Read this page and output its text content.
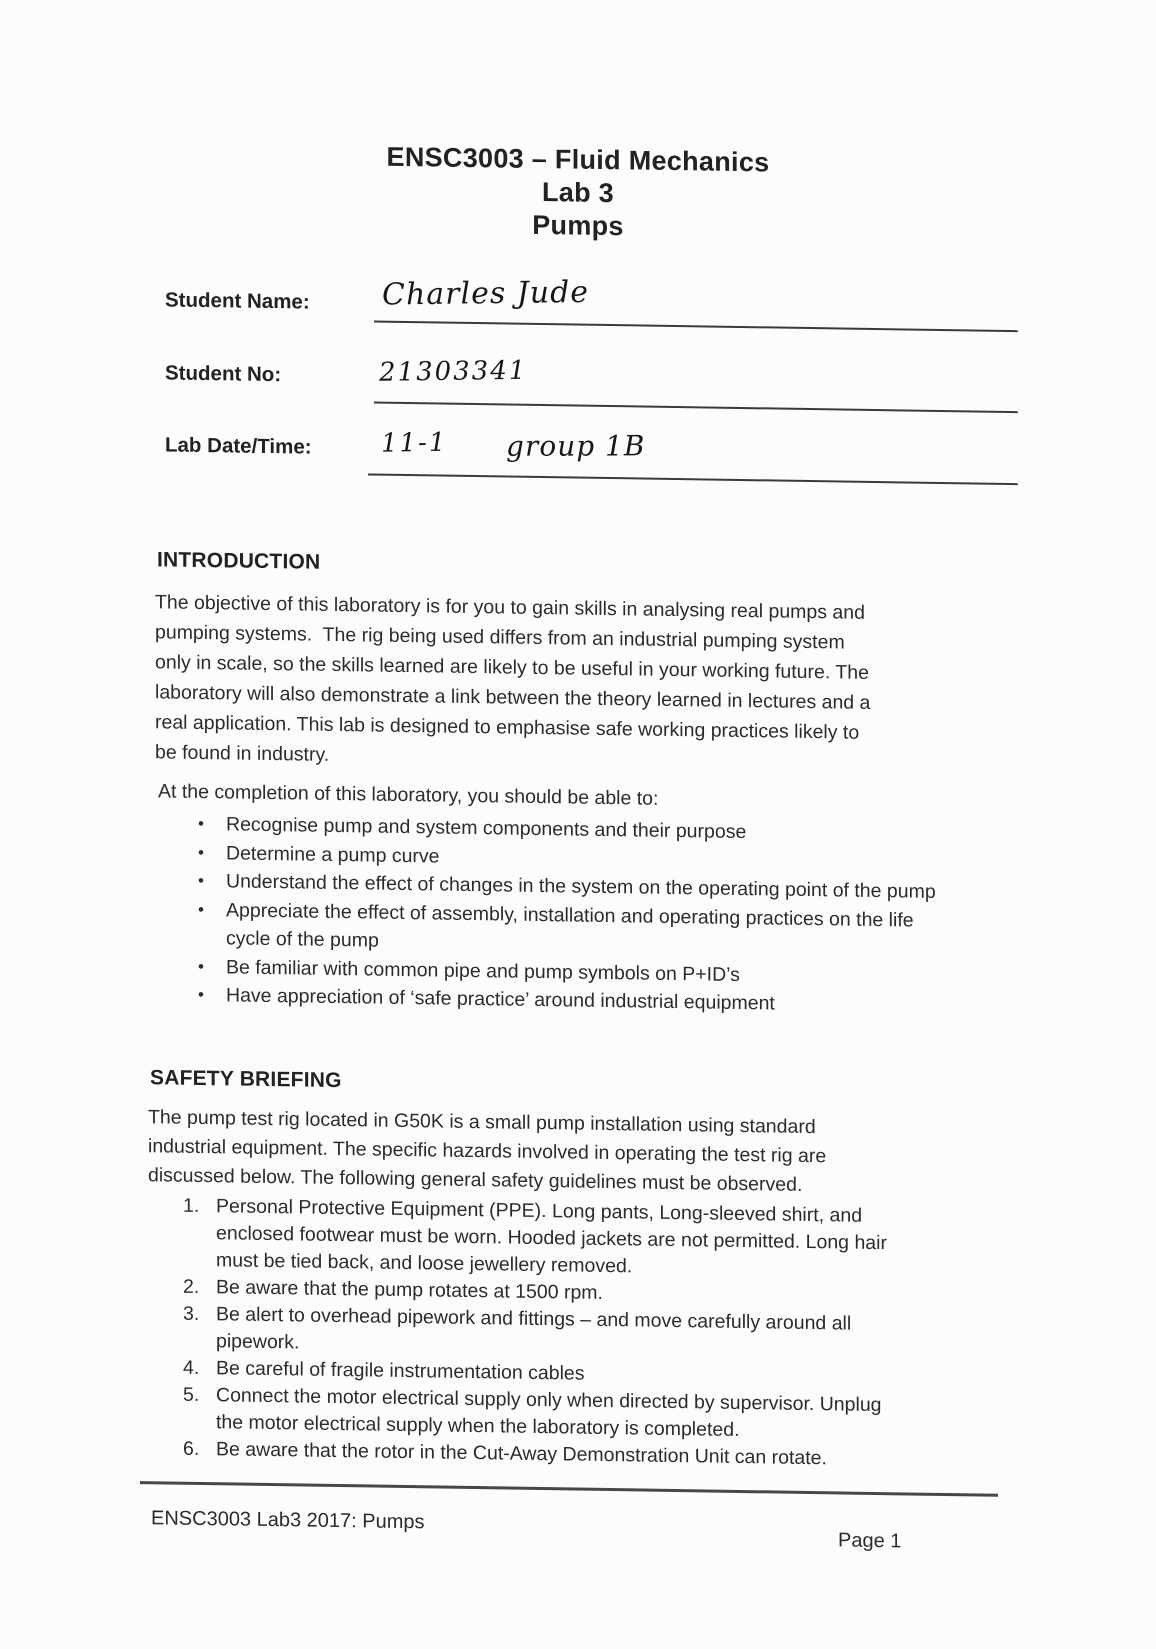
ENSC3003 – Fluid Mechanics
Lab 3
Pumps
Student Name: Charles Jude
Student No:	21303341
Lab Date/Time:	11-1 group 1B
INTRODUCTION
The objective of this laboratory is for you to gain skills in analysing real pumps and
pumping systems.  The rig being used differs from an industrial pumping system
only in scale, so the skills learned are likely to be useful in your working future. The
laboratory will also demonstrate a link between the theory learned in lectures and a
real application. This lab is designed to emphasise safe working practices likely to
be found in industry.
At the completion of this laboratory, you should be able to:
•	Recognise pump and system components and their purpose
•	Determine a pump curve
•	Understand the effect of changes in the system on the operating point of the pump
•	Appreciate the effect of assembly, installation and operating practices on the life cycle of the pump
•	Be familiar with common pipe and pump symbols on P+ID’s
•	Have appreciation of ‘safe practice’ around industrial equipment
SAFETY BRIEFING
The pump test rig located in G50K is a small pump installation using standard
industrial equipment. The specific hazards involved in operating the test rig are
discussed below. The following general safety guidelines must be observed.
1. Personal Protective Equipment (PPE). Long pants, Long-sleeved shirt, and enclosed footwear must be worn. Hooded jackets are not permitted. Long hair must be tied back, and loose jewellery removed.
2. Be aware that the pump rotates at 1500 rpm.
3. Be alert to overhead pipework and fittings – and move carefully around all pipework.
4. Be careful of fragile instrumentation cables
5. Connect the motor electrical supply only when directed by supervisor. Unplug the motor electrical supply when the laboratory is completed.
6. Be aware that the rotor in the Cut-Away Demonstration Unit can rotate.
ENSC3003 Lab3 2017: Pumps
Page 1
